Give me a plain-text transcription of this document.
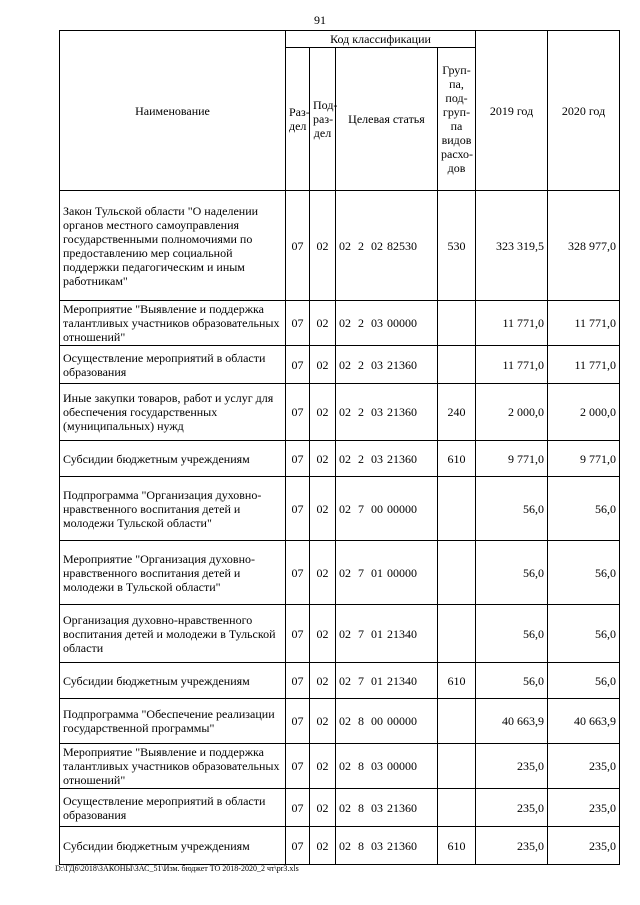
91
Наименование	Код классификации				2019 год	2020 год
	Раз- дел	Под- раз- дел	Целевая статья	Груп- па, под- груп- па видов расхо- дов		
Закон Тульской области "О наделении органов местного самоуправления государственными полномочиями по предоставлению мер социальной поддержки педагогическим и иным работникам"	07	02	02 2 02 82530	530	323 319,5	328 977,0
Мероприятие "Выявление и поддержка талантливых участников образовательных отношений"	07	02	02 2 03 00000		11 771,0	11 771,0
Осуществление мероприятий в области образования	07	02	02 2 03 21360		11 771,0	11 771,0
Иные закупки товаров, работ и услуг для обеспечения государственных (муниципальных) нужд	07	02	02 2 03 21360	240	2 000,0	2 000,0
Субсидии бюджетным учреждениям	07	02	02 2 03 21360	610	9 771,0	9 771,0
Подпрограмма "Организация духовно-нравственного воспитания детей и молодежи Тульской области"	07	02	02 7 00 00000		56,0	56,0
Мероприятие "Организация духовно-нравственного воспитания детей и молодежи в Тульской области"	07	02	02 7 01 00000		56,0	56,0
Организация духовно-нравственного воспитания детей и молодежи в Тульской области	07	02	02 7 01 21340		56,0	56,0
Субсидии бюджетным учреждениям	07	02	02 7 01 21340	610	56,0	56,0
Подпрограмма "Обеспечение реализации государственной программы"	07	02	02 8 00 00000		40 663,9	40 663,9
Мероприятие "Выявление и поддержка талантливых участников образовательных отношений"	07	02	02 8 03 00000		235,0	235,0
Осуществление мероприятий в области образования	07	02	02 8 03 21360		235,0	235,0
Субсидии бюджетным учреждениям	07	02	02 8 03 21360	610	235,0	235,0
D:\ГД6\2018\ЗАКОНЫ\ЗАС_51\Изм. бюджет ТО 2018-2020_2 чт\pr3.xls
